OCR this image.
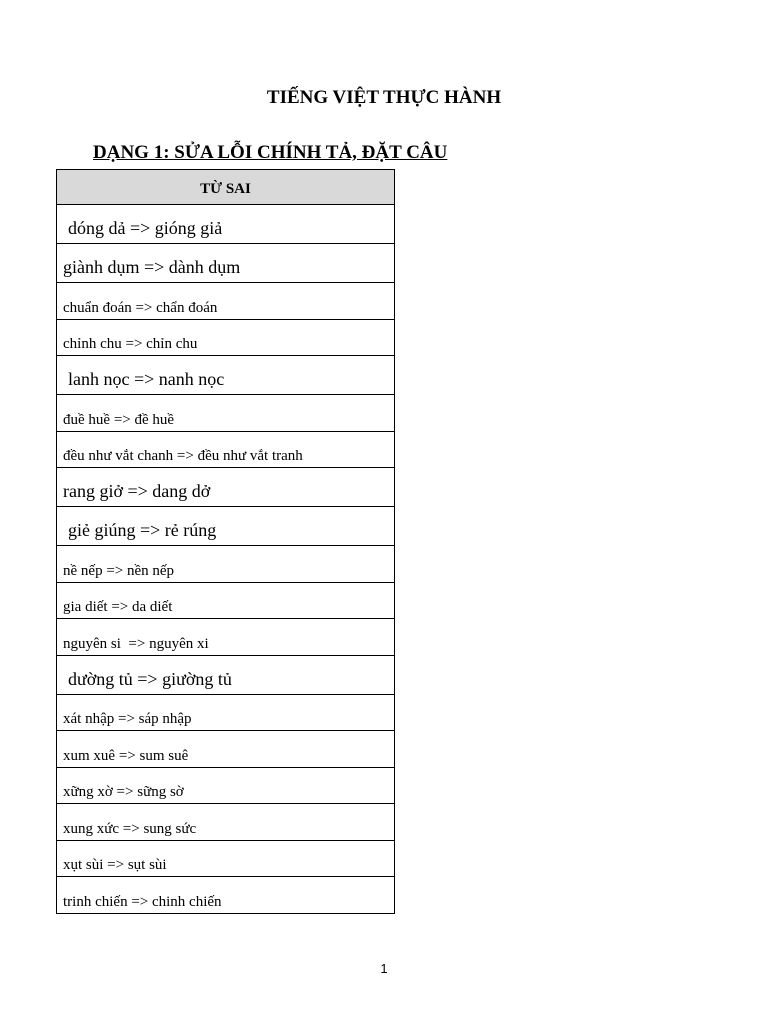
TIẾNG VIỆT THỰC HÀNH
DẠNG 1: SỬA LỖI CHÍNH TẢ, ĐẶT CÂU
TỪ SAI
dóng dả => gióng giả
giành dụm => dành dụm
chuẩn đoán => chẩn đoán
chỉnh chu => chỉn chu
lanh nọc => nanh nọc
đuề huề => đề huề
đều như vắt chanh => đều như vắt tranh
rang giở => dang dở
giẻ giúng => rẻ rúng
nề nếp => nền nếp
gia diết => da diết
nguyên si  => nguyên xi
dường tủ => giường tủ
xát nhập => sáp nhập
xum xuê => sum suê
xững xờ => sững sờ
xung xức => sung sức
xụt sùi => sụt sùi
trinh chiến => chinh chiến
1
